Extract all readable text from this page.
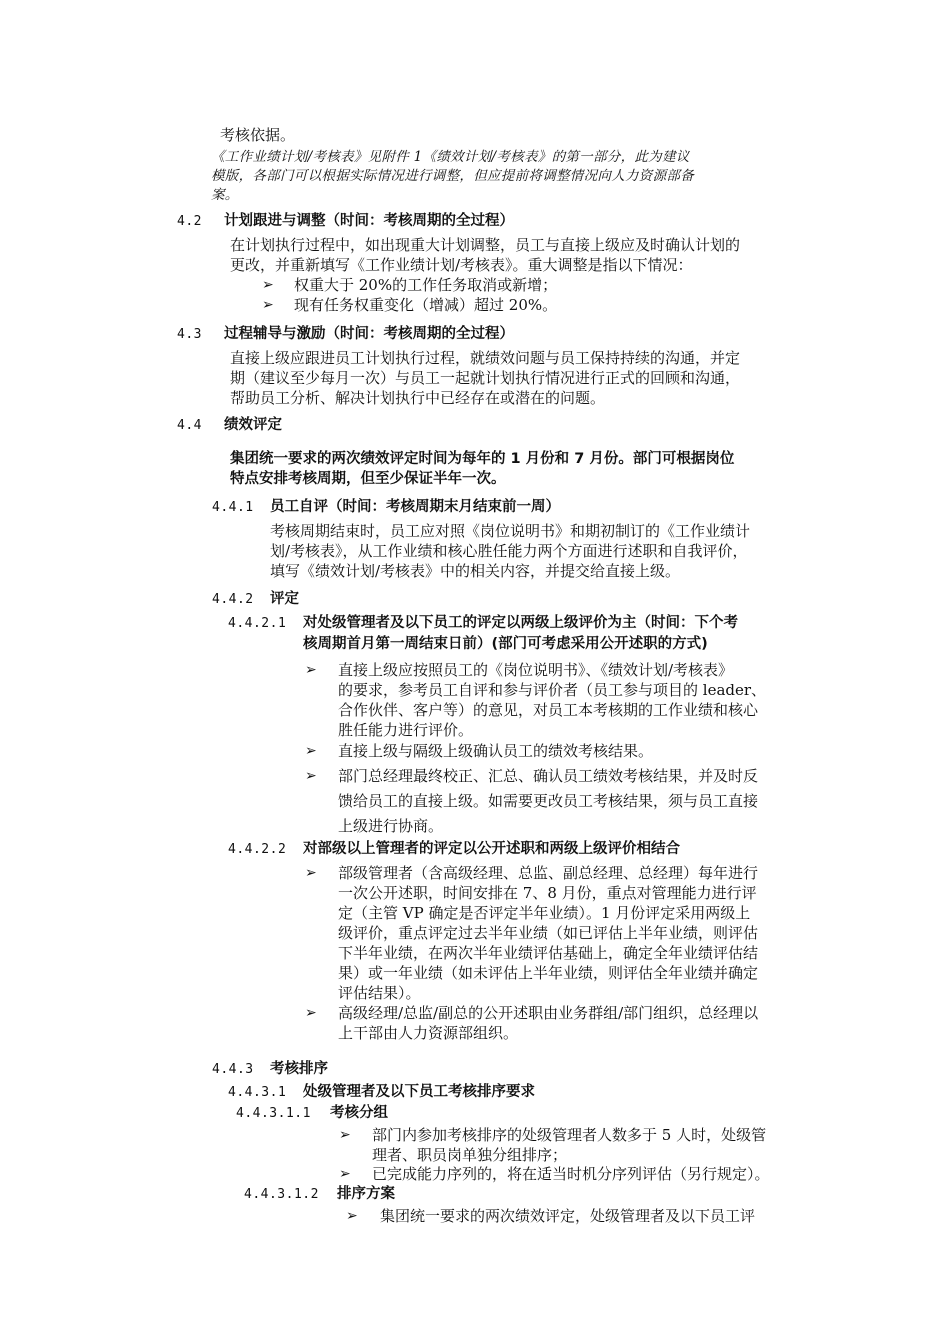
考核依据。
《工作业绩计划/考核表》见附件 1《绩效计划/考核表》的第一部分，此为建议
模版，各部门可以根据实际情况进行调整，但应提前将调整情况向人力资源部备
案。
4.2 计划跟进与调整（时间：考核周期的全过程）
在计划执行过程中，如出现重大计划调整，员工与直接上级应及时确认计划的
更改，并重新填写《工作业绩计划/考核表》。重大调整是指以下情况：
➢ 权重大于 20%的工作任务取消或新增；
➢ 现有任务权重变化（增减）超过 20%。
4.3 过程辅导与激励（时间：考核周期的全过程）
直接上级应跟进员工计划执行过程，就绩效问题与员工保持持续的沟通，并定
期（建议至少每月一次）与员工一起就计划执行情况进行正式的回顾和沟通，
帮助员工分析、解决计划执行中已经存在或潜在的问题。
4.4 绩效评定
集团统一要求的两次绩效评定时间为每年的 1 月份和 7 月份。部门可根据岗位
特点安排考核周期，但至少保证半年一次。
4.4.1 员工自评（时间：考核周期末月结束前一周）
考核周期结束时，员工应对照《岗位说明书》和期初制订的《工作业绩计
划/考核表》，从工作业绩和核心胜任能力两个方面进行述职和自我评价，
填写《绩效计划/考核表》中的相关内容，并提交给直接上级。
4.4.2 评定
4.4.2.1 对处级管理者及以下员工的评定以两级上级评价为主（时间：下个考
核周期首月第一周结束日前）(部门可考虑采用公开述职的方式)
➢ 直接上级应按照员工的《岗位说明书》、《绩效计划/考核表》
的要求，参考员工自评和参与评价者（员工参与项目的 leader、
合作伙伴、客户等）的意见，对员工本考核期的工作业绩和核心
胜任能力进行评价。
➢ 直接上级与隔级上级确认员工的绩效考核结果。
➢ 部门总经理最终校正、汇总、确认员工绩效考核结果，并及时反
馈给员工的直接上级。如需要更改员工考核结果，须与员工直接
上级进行协商。
4.4.2.2 对部级以上管理者的评定以公开述职和两级上级评价相结合
➢ 部级管理者（含高级经理、总监、副总经理、总经理）每年进行
一次公开述职，时间安排在 7、8 月份，重点对管理能力进行评
定（主管 VP 确定是否评定半年业绩）。1 月份评定采用两级上
级评价，重点评定过去半年业绩（如已评估上半年业绩，则评估
下半年业绩，在两次半年业绩评估基础上，确定全年业绩评估结
果）或一年业绩（如未评估上半年业绩，则评估全年业绩并确定
评估结果）。
➢ 高级经理/总监/副总的公开述职由业务群组/部门组织，总经理以
上干部由人力资源部组织。
4.4.3 考核排序
4.4.3.1 处级管理者及以下员工考核排序要求
4.4.3.1.1 考核分组
➢ 部门内参加考核排序的处级管理者人数多于 5 人时，处级管
理者、职员岗单独分组排序；
➢ 已完成能力序列的，将在适当时机分序列评估（另行规定）。
4.4.3.1.2 排序方案
➢ 集团统一要求的两次绩效评定，处级管理者及以下员工评
